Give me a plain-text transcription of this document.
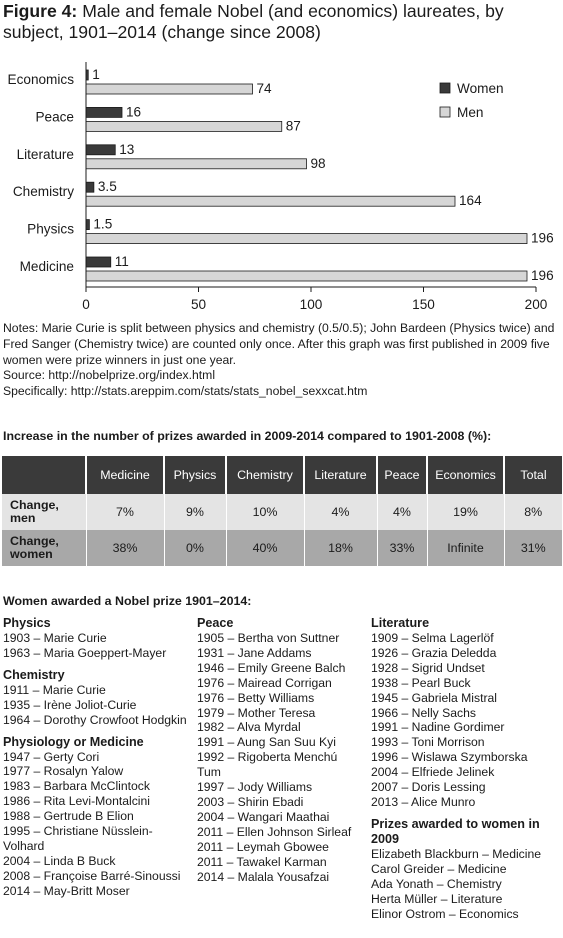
Figure 4: Male and female Nobel (and economics) laureates, by subject, 1901–2014 (change since 2008)
Economics 1
74
Peace	16
87
Literature	13
98
Chemistry 3.5
164
Physics 1.5
196
Medicine	11
196
0	50	100	150	200
Women
Men
Notes: Marie Curie is split between physics and chemistry (0.5/0.5); John Bardeen (Physics twice) and Fred Sanger (Chemistry twice) are counted only once. After this graph was first published in 2009 five women were prize winners in just one year.
Source: http://nobelprize.org/index.html
Specifically: http://stats.areppim.com/stats/stats_nobel_sexxcat.htm
Increase in the number of prizes awarded in 2009-2014 compared to 1901-2008 (%):
	Medicine	Physics	Chemistry	Literature	Peace	Economics	Total
Change, men	7%	9%	10%	4%	4%	19%	8%
Change, women	38%	0%	40%	18%	33%	Infinite	31%
Women awarded a Nobel prize 1901–2014:
Physics
1903 – Marie Curie
1963 – Maria Goeppert-Mayer
Chemistry
1911 – Marie Curie
1935 – Irène Joliot-Curie
1964 – Dorothy Crowfoot Hodgkin
Physiology or Medicine
1947 – Gerty Cori
1977 – Rosalyn Yalow
1983 – Barbara McClintock
1986 – Rita Levi-Montalcini
1988 – Gertrude B Elion
1995 – Christiane Nüsslein-Volhard
2004 – Linda B Buck
2008 – Françoise Barré-Sinoussi
2014 – May-Britt Moser
Peace
1905 – Bertha von Suttner
1931 – Jane Addams
1946 – Emily Greene Balch
1976 – Mairead Corrigan
1976 – Betty Williams
1979 – Mother Teresa
1982 – Alva Myrdal
1991 – Aung San Suu Kyi
1992 – Rigoberta Menchú Tum
1997 – Jody Williams
2003 – Shirin Ebadi
2004 – Wangari Maathai
2011 – Ellen Johnson Sirleaf
2011 – Leymah Gbowee
2011 – Tawakel Karman
2014 – Malala Yousafzai
Literature
1909 – Selma Lagerlöf
1926 – Grazia Deledda
1928 – Sigrid Undset
1938 – Pearl Buck
1945 – Gabriela Mistral
1966 – Nelly Sachs
1991 – Nadine Gordimer
1993 – Toni Morrison
1996 – Wislawa Szymborska
2004 – Elfriede Jelinek
2007 – Doris Lessing
2013 – Alice Munro
Prizes awarded to women in 2009
Elizabeth Blackburn – Medicine
Carol Greider – Medicine
Ada Yonath – Chemistry
Herta Müller – Literature
Elinor Ostrom – Economics
